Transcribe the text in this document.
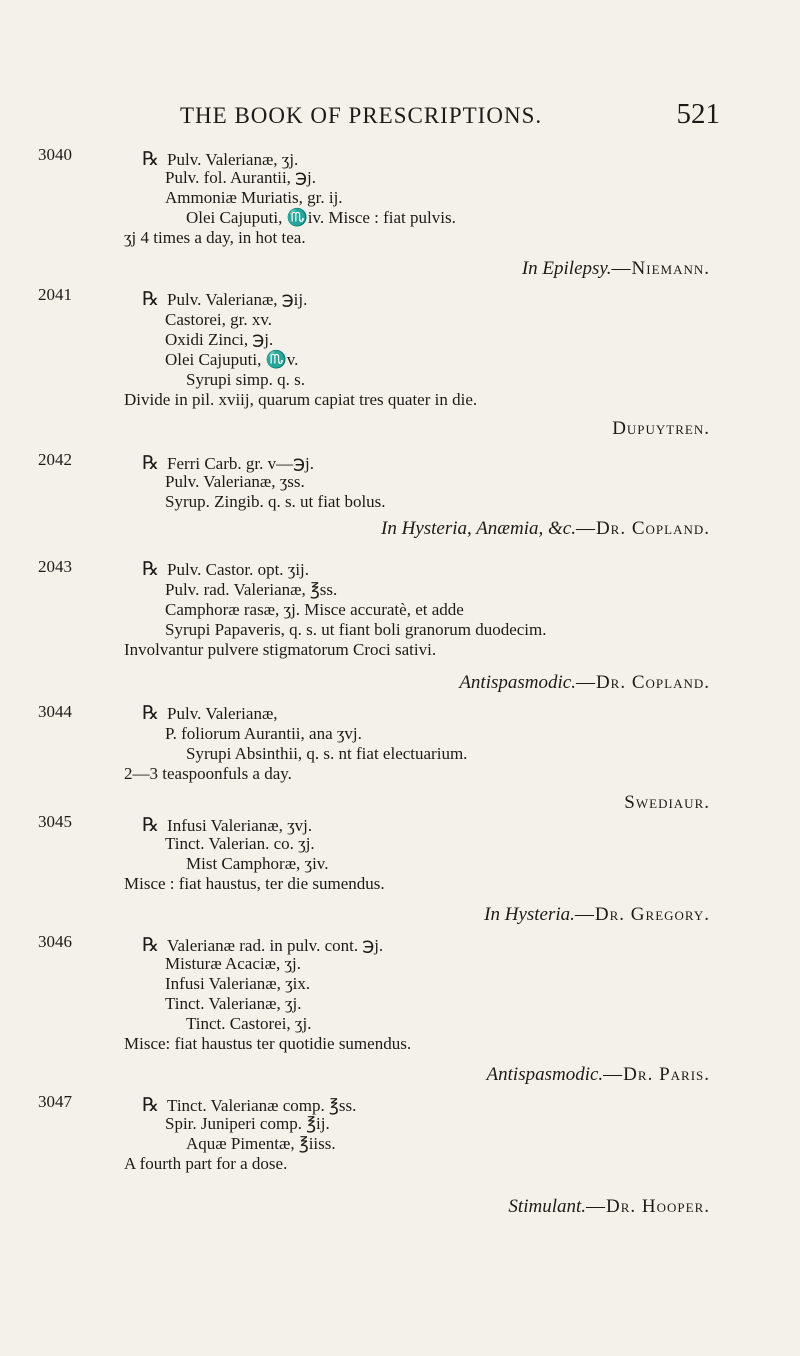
THE BOOK OF PRESCRIPTIONS.	521
3040	℞ Pulv. Valerianæ, ʒj.
Pulv. fol. Aurantii, ℈j.
Ammoniæ Muriatis, gr. ij.
Olei Cajuputi, ♏iv. Misce : fiat pulvis.
ʒj 4 times a day, in hot tea.
In Epilepsy.—Niemann.
2041	℞ Pulv. Valerianæ, ℈ij.
Castorei, gr. xv.
Oxidi Zinci, ℈j.
Olei Cajuputi, ♏v.
Syrupi simp. q. s.
Divide in pil. xviij, quarum capiat tres quater in die.
Dupuytren.
2042	℞ Ferri Carb. gr. v—℈j.
Pulv. Valerianæ, ʒss.
Syrup. Zingib. q. s. ut fiat bolus.
In Hysteria, Anæmia, &c.—Dr. Copland.
2043	℞ Pulv. Castor. opt. ʒij.
Pulv. rad. Valerianæ, ℥ss.
Camphoræ rasæ, ʒj. Misce accuratè, et adde
Syrupi Papaveris, q. s. ut fiant boli granorum duodecim.
Involvantur pulvere stigmatorum Croci sativi.
Antispasmodic.—Dr. Copland.
3044	℞ Pulv. Valerianæ,
P. foliorum Aurantii, ana ʒvj.
Syrupi Absinthii, q. s. nt fiat electuarium.
2—3 teaspoonfuls a day.
Swediaur.
3045	℞ Infusi Valerianæ, ʒvj.
Tinct. Valerian. co. ʒj.
Mist Camphoræ, ʒiv.
Misce : fiat haustus, ter die sumendus.
In Hysteria.—Dr. Gregory.
3046	℞ Valerianæ rad. in pulv. cont. ℈j.
Misturæ Acaciæ, ʒj.
Infusi Valerianæ, ʒix.
Tinct. Valerianæ, ʒj.
Tinct. Castorei, ʒj.
Misce: fiat haustus ter quotidie sumendus.
Antispasmodic.—Dr. Paris.
3047	℞ Tinct. Valerianæ comp. ℥ss.
Spir. Juniperi comp. ℥ij.
Aquæ Pimentæ, ℥iiss.
A fourth part for a dose.
Stimulant.—Dr. Hooper.
